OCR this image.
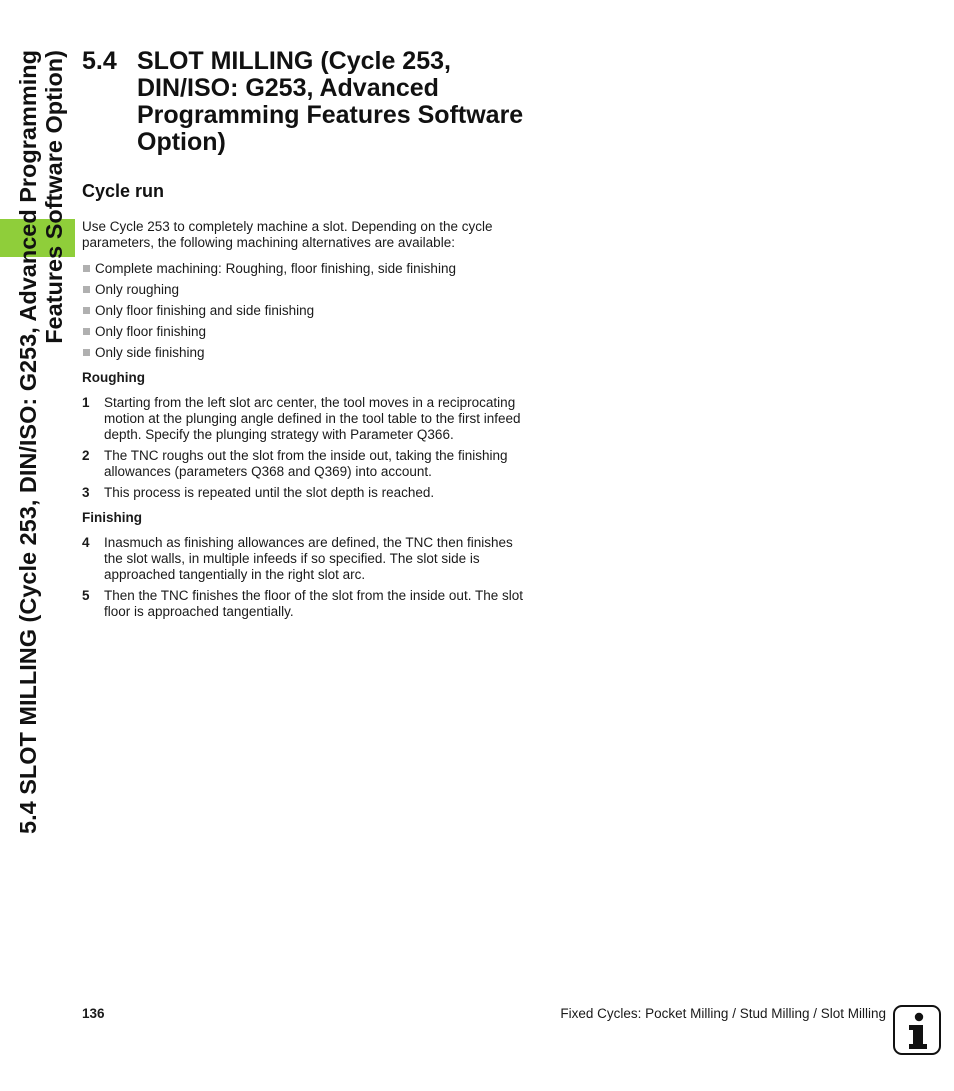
5.4 SLOT MILLING (Cycle 253, DIN/ISO: G253, Advanced Programming Features Software Option) 5.4 SLOT MILLING (Cycle 253, DIN/ISO: G253, Advanced Programming Features Software Option)
Cycle run

Use Cycle 253 to completely machine a slot. Depending on the cycle parameters, the following machining alternatives are available:

Complete machining: Roughing, floor finishing, side finishing
Only roughing
Only floor finishing and side finishing
Only floor finishing
Only side finishing
Roughing
1 Starting from the left slot arc center, the tool moves in a reciprocating motion at the plunging angle defined in the tool table to the first infeed depth. Specify the plunging strategy with Parameter Q366.
2 The TNC roughs out the slot from the inside out, taking the finishing allowances (parameters Q368 and Q369) into account.
3 This process is repeated until the slot depth is reached.
Finishing
4 Inasmuch as finishing allowances are defined, the TNC then finishes the slot walls, in multiple infeeds if so specified. The slot side is approached tangentially in the right slot arc.
5 Then the TNC finishes the floor of the slot from the inside out. The slot floor is approached tangentially.
136	Fixed Cycles: Pocket Milling / Stud Milling / Slot Milling
